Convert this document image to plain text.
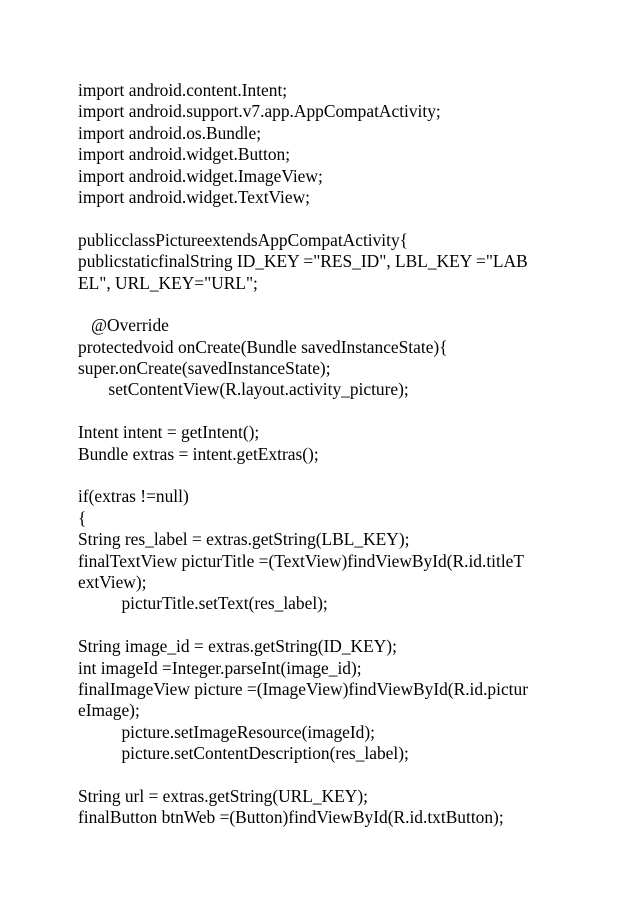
import android.content.Intent;
import android.support.v7.app.AppCompatActivity;
import android.os.Bundle;
import android.widget.Button;
import android.widget.ImageView;
import android.widget.TextView;
publicclassPictureextendsAppCompatActivity{
publicstaticfinalString ID_KEY ="RES_ID", LBL_KEY ="LAB
EL", URL_KEY="URL";
@Override
protectedvoid onCreate(Bundle savedInstanceState){
super.onCreate(savedInstanceState);
setContentView(R.layout.activity_picture);
Intent intent = getIntent();
Bundle extras = intent.getExtras();
if(extras !=null)
{
String res_label = extras.getString(LBL_KEY);
finalTextView picturTitle =(TextView)findViewById(R.id.titleT
extView);
picturTitle.setText(res_label);
String image_id = extras.getString(ID_KEY);
int imageId =Integer.parseInt(image_id);
finalImageView picture =(ImageView)findViewById(R.id.pictur
eImage);
picture.setImageResource(imageId);
picture.setContentDescription(res_label);
String url = extras.getString(URL_KEY);
finalButton btnWeb =(Button)findViewById(R.id.txtButton);
